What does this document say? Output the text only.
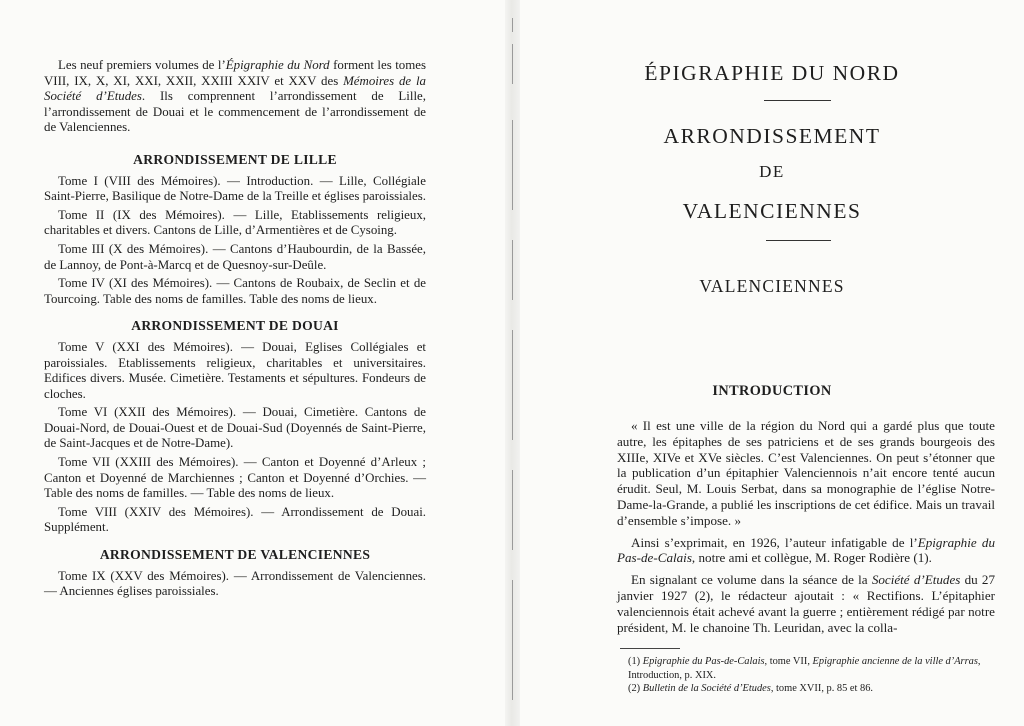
Les neuf premiers volumes de l’Épigraphie du Nord forment les tomes VIII, IX, X, XI, XXI, XXII, XXIII XXIV et XXV des Mémoires de la Société d’Etudes. Ils comprennent l’arrondissement de Lille, l’arrondissement de Douai et le commencement de l’arrondissement de de Valenciennes.

ARRONDISSEMENT DE LILLE

Tome I (VIII des Mémoires). — Introduction. — Lille, Collégiale Saint-Pierre, Basilique de Notre-Dame de la Treille et églises paroissiales.

Tome II (IX des Mémoires). — Lille, Etablissements religieux, charitables et divers. Cantons de Lille, d’Armentières et de Cysoing.

Tome III (X des Mémoires). — Cantons d’Haubourdin, de la Bassée, de Lannoy, de Pont-à-Marcq et de Quesnoy-sur-Deûle.

Tome IV (XI des Mémoires). — Cantons de Roubaix, de Seclin et de Tourcoing. Table des noms de familles. Table des noms de lieux.

ARRONDISSEMENT DE DOUAI

Tome V (XXI des Mémoires). — Douai, Eglises Collégiales et paroissiales. Etablissements religieux, charitables et universitaires. Edifices divers. Musée. Cimetière. Testaments et sépultures. Fondeurs de cloches.

Tome VI (XXII des Mémoires). — Douai, Cimetière. Cantons de Douai-Nord, de Douai-Ouest et de Douai-Sud (Doyennés de Saint-Pierre, de Saint-Jacques et de Notre-Dame).

Tome VII (XXIII des Mémoires). — Canton et Doyenné d’Arleux ; Canton et Doyenné de Marchiennes ; Canton et Doyenné d’Orchies. — Table des noms de familles. — Table des noms de lieux.

Tome VIII (XXIV des Mémoires). — Arrondissement de Douai. Supplément.

ARRONDISSEMENT DE VALENCIENNES

Tome IX (XXV des Mémoires). — Arrondissement de Valenciennes. — Anciennes églises paroissiales.

ÉPIGRAPHIE DU NORD
ARRONDISSEMENT
DE
VALENCIENNES
VALENCIENNES
INTRODUCTION

« Il est une ville de la région du Nord qui a gardé plus que toute autre, les épitaphes de ses patriciens et de ses grands bourgeois des XIIIe, XIVe et XVe siècles. C’est Valenciennes. On peut s’étonner que la publication d’un épitaphier Valenciennois n’ait encore tenté aucun érudit. Seul, M. Louis Serbat, dans sa monographie de l’église Notre-Dame-la-Grande, a publié les inscriptions de cet édifice. Mais un travail d’ensemble s’impose. »

Ainsi s’exprimait, en 1926, l’auteur infatigable de l’Epigraphie du Pas-de-Calais, notre ami et collègue, M. Roger Rodière (1).

En signalant ce volume dans la séance de la Société d’Etudes du 27 janvier 1927 (2), le rédacteur ajoutait : « Rectifions. L’épitaphier valenciennois était achevé avant la guerre ; entièrement rédigé par notre président, M. le chanoine Th. Leuridan, avec la colla-

(1) Epigraphie du Pas-de-Calais, tome VII, Epigraphie ancienne de la ville d’Arras, Introduction, p. XIX.

(2) Bulletin de la Société d’Etudes, tome XVII, p. 85 et 86.
